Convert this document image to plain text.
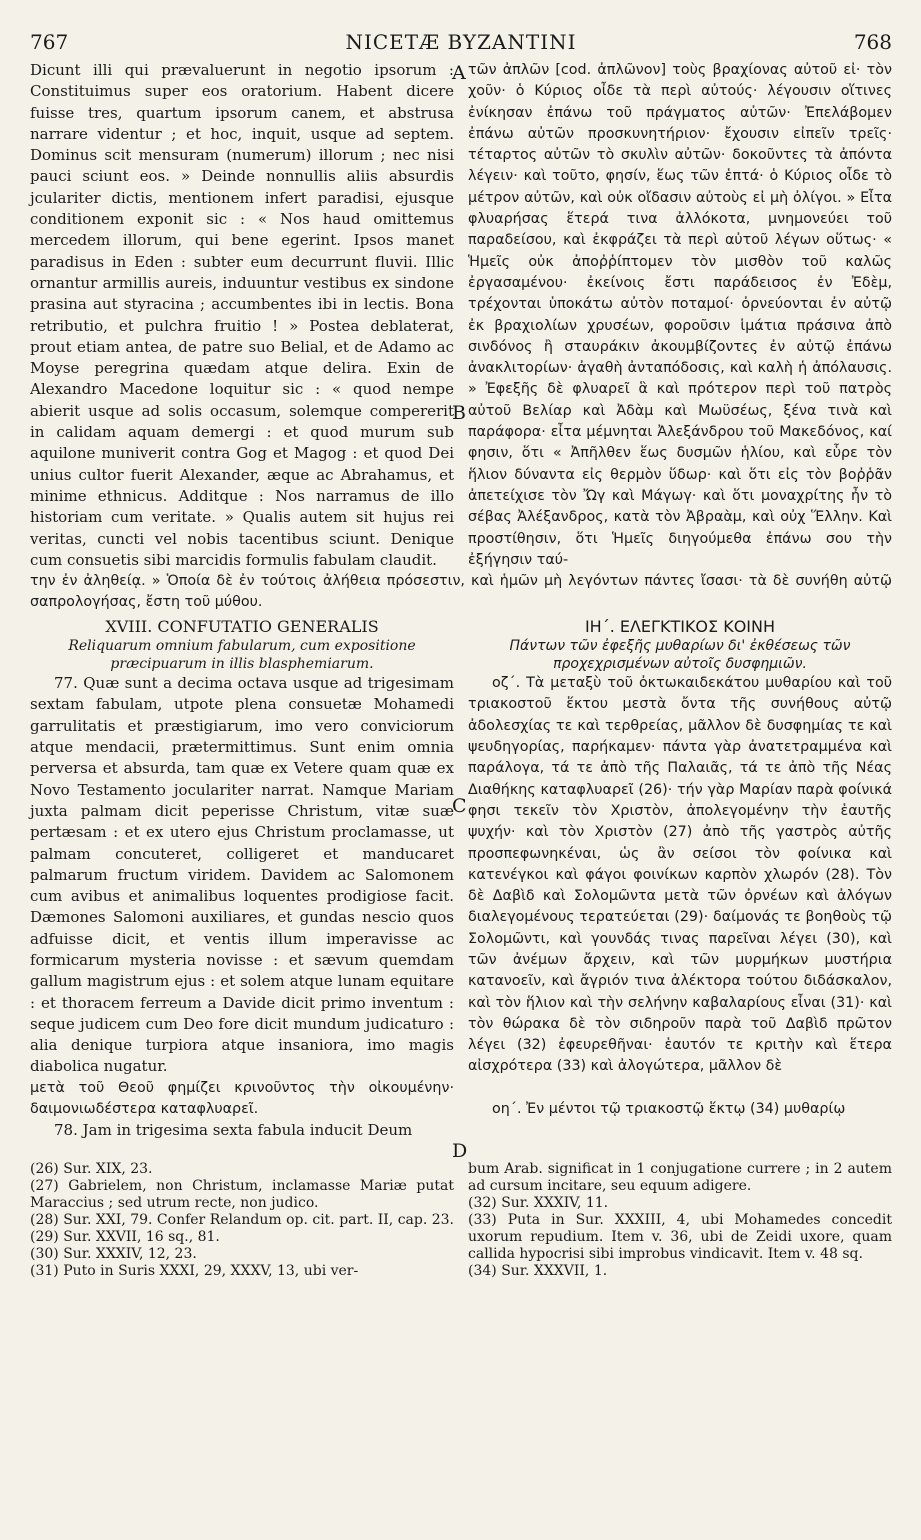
767	NICETÆ BYZANTINI	768

Dicunt illi qui prævaluerunt in negotio ipsorum : Constituimus super eos oratorium. Habent dicere fuisse tres, quartum ipsorum canem, et abstrusa narrare videntur ; et hoc, inquit, usque ad septem. Dominus scit mensuram (numerum) illorum ; nec nisi pauci sciunt eos. » Deinde nonnullis aliis absurdis jculariter dictis, mentionem infert paradisi, ejusque conditionem exponit sic : « Nos haud omittemus mercedem illorum, qui bene egerint. Ipsos manet paradisus in Eden : subter eum decurrunt fluvii. Illic ornantur armillis aureis, induuntur vestibus ex sindone prasina aut styracina ; accumbentes ibi in lectis. Bona retributio, et pulchra fruitio ! » Postea deblaterat, prout etiam antea, de patre suo Belial, et de Adamo ac Moyse peregrina quædam atque delira. Exin de Alexandro Macedone loquitur sic : « quod nempe abierit usque ad solis occasum, solemque compererit in calidam aquam demergi : et quod murum sub aquilone muniverit contra Gog et Magog : et quod Dei unius cultor fuerit Alexander, æque ac Abrahamus, et minime ethnicus. Additque : Nos narramus de illo historiam cum veritate. » Qualis autem sit hujus rei veritas, cuncti vel nobis tacentibus sciunt. Denique cum consuetis sibi marcidis formulis fabulam claudit.

τῶν ἀπλῶν [cod. ἀπλῶνον] τοὺς βραχίονας αὐτοῦ εἰ· τὸν χοῦν· ὁ Κύριος οἶδε τὰ περὶ αὐτούς· λέγουσιν οἵτινες ἐνίκησαν ἐπάνω τοῦ πράγματος αὐτῶν· Ἐπελάβομεν ἐπάνω αὐτῶν προσκυνητήριον· ἔχουσιν εἰπεῖν τρεῖς· τέταρτος αὐτῶν τὸ σκυλὶν αὐτῶν· δοκοῦντες τὰ ἀπόντα λέγειν· καὶ τοῦτο, φησίν, ἕως τῶν ἑπτά· ὁ Κύριος οἶδε τὸ μέτρον αὐτῶν, καὶ οὐκ οἴδασιν αὐτοὺς εἰ μὴ ὀλίγοι. » Εἶτα φλυαρήσας ἕτερά τινα ἀλλόκοτα, μνημονεύει τοῦ παραδείσου, καὶ ἐκφράζει τὰ περὶ αὐτοῦ λέγων οὕτως· « Ἡμεῖς οὐκ ἀποῤῥίπτομεν τὸν μισθὸν τοῦ καλῶς ἐργασαμένου· ἐκείνοις ἔστι παράδεισος ἐν Ἐδὲμ, τρέχονται ὑποκάτω αὐτὸν ποταμοί· ὀρνεύονται ἐν αὐτῷ ἐκ βραχιολίων χρυσέων, φοροῦσιν ἱμάτια πράσινα ἀπὸ σινδόνος ἢ σταυράκιν ἀκουμβίζοντες ἐν αὐτῷ ἐπάνω ἀνακλιτορίων· ἀγαθὴ ἀνταπόδοσις, καὶ καλὴ ἡ ἀπόλαυσις. » Ἐφεξῆς δὲ φλυαρεῖ ἃ καὶ πρότερον περὶ τοῦ πατρὸς αὐτοῦ Βελίαρ καὶ Ἀδὰμ καὶ Μωϋσέως, ξένα τινὰ καὶ παράφορα· εἶτα μέμνηται Ἀλεξάνδρου τοῦ Μακεδόνος, καί φησιν, ὅτι « Ἀπῆλθεν ἕως δυσμῶν ἡλίου, καὶ εὗρε τὸν ἥλιον δύναντα εἰς θερμὸν ὕδωρ· καὶ ὅτι εἰς τὸν βοῤῥᾶν ἀπετείχισε τὸν Ὤγ καὶ Μάγωγ· καὶ ὅτι μοναχρίτης ἦν τὸ σέβας Ἀλέξανδρος, κατὰ τὸν Ἀβραὰμ, καὶ οὐχ Ἕλλην. Καὶ προστίθησιν, ὅτι Ἡμεῖς διηγούμεθα ἐπάνω σου τὴν ἐξήγησιν ταύ-

την ἐν ἀληθείᾳ. » Ὁποία δὲ ἐν τούτοις ἀλήθεια πρόσεστιν, καὶ ἡμῶν μὴ λεγόντων πάντες ἴσασι· τὰ δὲ συνήθη αὐτῷ σαπρολογήσας, ἔστη τοῦ μύθου.

XVIII. CONFUTATIO GENERALIS
Reliquarum omnium fabularum, cum expositione præcipuarum in illis blasphemiarum.
ΙΗ΄. ΕΛΕΓΚΤΙΚΟΣ ΚΟΙΝΗ
Πάντων τῶν ἐφεξῆς μυθαρίων δι' ἐκθέσεως τῶν προχεχρισμένων αὐτοῖς δυσφημιῶν.

77. Quæ sunt a decima octava usque ad trigesimam sextam fabulam, utpote plena consuetæ Mohamedi garrulitatis et præstigiarum, imo vero conviciorum atque mendacii, prætermittimus. Sunt enim omnia perversa et absurda, tam quæ ex Vetere quam quæ ex Novo Testamento joculariter narrat. Namque Mariam juxta palmam dicit peperisse Christum, vitæ suæ pertæsam : et ex utero ejus Christum proclamasse, ut palmam concuteret, colligeret et manducaret palmarum fructum viridem. Davidem ac Salomonem cum avibus et animalibus loquentes prodigiose facit. Dæmones Salomoni auxiliares, et gundas nescio quos adfuisse dicit, et ventis illum imperavisse ac formicarum mysteria novisse : et sævum quemdam gallum magistrum ejus : et solem atque lunam equitare : et thoracem ferreum a Davide dicit primo inventum : seque judicem cum Deo fore dicit mundum judicaturo : alia denique turpiora atque insaniora, imo magis diabolica nugatur.

οζ΄. Τὰ μεταξὺ τοῦ ὀκτωκαιδεκάτου μυθαρίου καὶ τοῦ τριακοστοῦ ἕκτου μεστὰ ὄντα τῆς συνήθους αὐτῷ ἀδολεσχίας τε καὶ τερθρείας, μᾶλλον δὲ δυσφημίας τε καὶ ψευδηγορίας, παρήκαμεν· πάντα γὰρ ἀνατετραμμένα καὶ παράλογα, τά τε ἀπὸ τῆς Παλαιᾶς, τά τε ἀπὸ τῆς Νέας Διαθήκης καταφλυαρεῖ (26)· τήν γὰρ Μαρίαν παρὰ φοίνικά φησι τεκεῖν τὸν Χριστὸν, ἀπολεγομένην τὴν ἑαυτῆς ψυχήν· καὶ τὸν Χριστὸν (27) ἀπὸ τῆς γαστρὸς αὐτῆς προσπεφωνηκέναι, ὡς ἂν σείσοι τὸν φοίνικα καὶ κατενέγκοι καὶ φάγοι φοινίκων καρπὸν χλωρόν (28). Τὸν δὲ Δαβὶδ καὶ Σολομῶντα μετὰ τῶν ὀρνέων καὶ ἀλόγων διαλεγομένους τερατεύεται (29)· δαίμονάς τε βοηθοὺς τῷ Σολομῶντι, καὶ γουνδάς τινας παρεῖναι λέγει (30), καὶ τῶν ἀνέμων ἄρχειν, καὶ τῶν μυρμήκων μυστήρια κατανοεῖν, καὶ ἄγριόν τινα ἀλέκτορα τούτου διδάσκαλον, καὶ τὸν ἥλιον καὶ τὴν σελήνην καβαλαρίους εἶναι (31)· καὶ τὸν θώρακα δὲ τὸν σιδηροῦν παρὰ τοῦ Δαβὶδ πρῶτον λέγει (32) ἐφευρεθῆναι· ἑαυτόν τε κριτὴν καὶ ἕτερα αἰσχρότερα (33) καὶ ἀλογώτερα, μᾶλλον δὲ

μετὰ τοῦ Θεοῦ φημίζει κρινοῦντος τὴν οἰκουμένην· δαιμονιωδέστερα καταφλυαρεῖ.

78. Jam in trigesima sexta fabula inducit Deum

οη΄. Ἐν μέντοι τῷ τριακοστῷ ἕκτῳ (34) μυθαρίῳ

(26) Sur. XIX, 23.

(27) Gabrielem, non Christum, inclamasse Mariæ putat Maraccius ; sed utrum recte, non judico.

(28) Sur. XXI, 79. Confer Relandum op. cit. part. II, cap. 23.

(29) Sur. XXVII, 16 sq., 81.

(30) Sur. XXXIV, 12, 23.

(31) Puto in Suris XXXI, 29, XXXV, 13, ubi ver-

bum Arab. significat in 1 conjugatione currere ; in 2 autem ad cursum incitare, seu equum adigere.

(32) Sur. XXXIV, 11.

(33) Puta in Sur. XXXIII, 4, ubi Mohamedes concedit uxorum repudium. Item v. 36, ubi de Zeidi uxore, quam callida hypocrisi sibi improbus vindicavit. Item v. 48 sq.

(34) Sur. XXXVII, 1.

A
B
C
D
